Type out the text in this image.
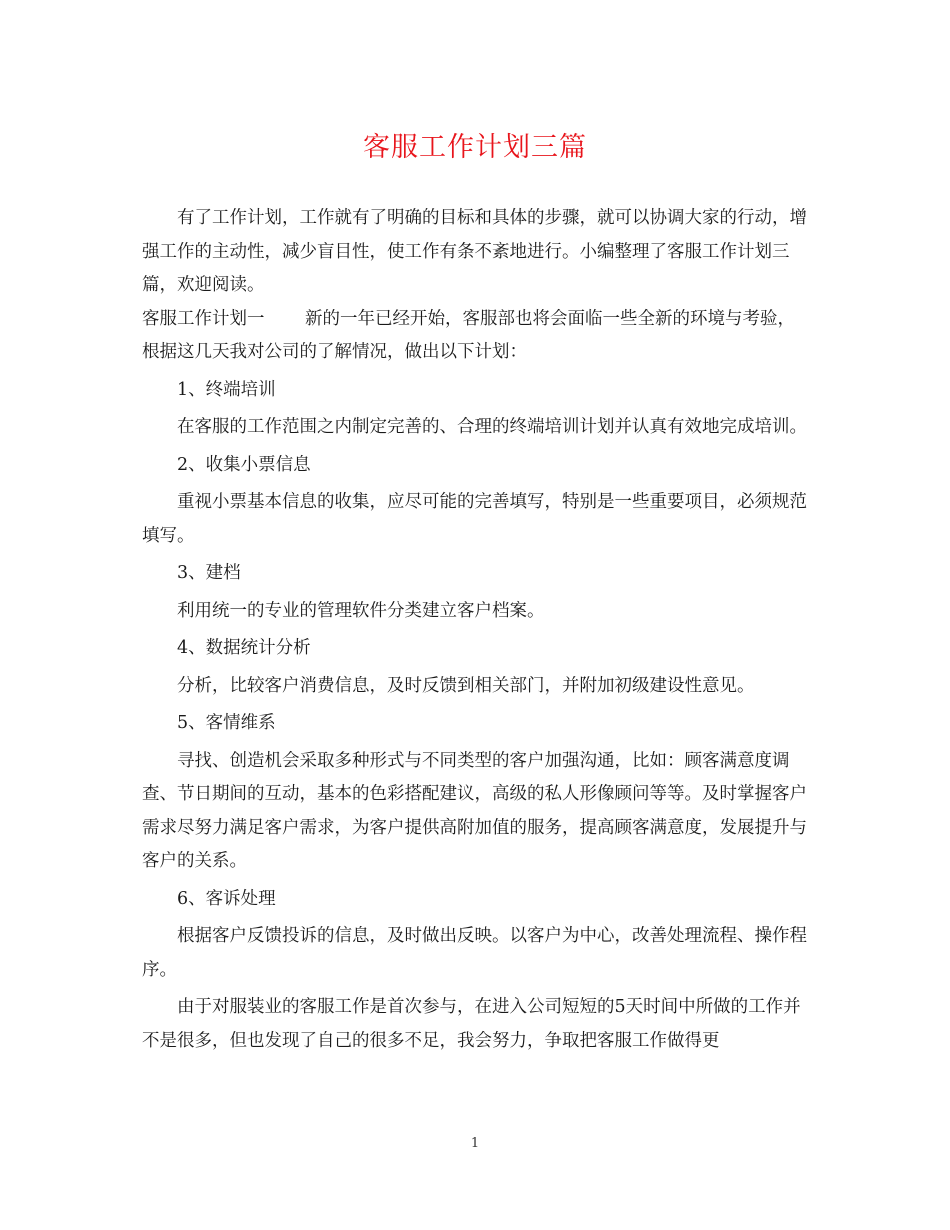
客服工作计划三篇

有了工作计划，工作就有了明确的目标和具体的步骤，就可以协调大家的行动，增强工作的主动性，减少盲目性，使工作有条不紊地进行。小编整理了客服工作计划三篇，欢迎阅读。

客服工作计划一 新的一年已经开始，客服部也将会面临一些全新的环境与考验，根据这几天我对公司的了解情况，做出以下计划：

1、终端培训

在客服的工作范围之内制定完善的、合理的终端培训计划并认真有效地完成培训。

2、收集小票信息

重视小票基本信息的收集，应尽可能的完善填写，特别是一些重要项目，必须规范填写。

3、建档

利用统一的专业的管理软件分类建立客户档案。

4、数据统计分析

分析，比较客户消费信息，及时反馈到相关部门，并附加初级建设性意见。

5、客情维系

寻找、创造机会采取多种形式与不同类型的客户加强沟通，比如：顾客满意度调查、节日期间的互动，基本的色彩搭配建议，高级的私人形像顾问等等。及时掌握客户需求尽努力满足客户需求，为客户提供高附加值的服务，提高顾客满意度，发展提升与客户的关系。

6、客诉处理

根据客户反馈投诉的信息，及时做出反映。以客户为中心，改善处理流程、操作程序。

由于对服装业的客服工作是首次参与，在进入公司短短的5天时间中所做的工作并不是很多，但也发现了自己的很多不足，我会努力，争取把客服工作做得更

1
